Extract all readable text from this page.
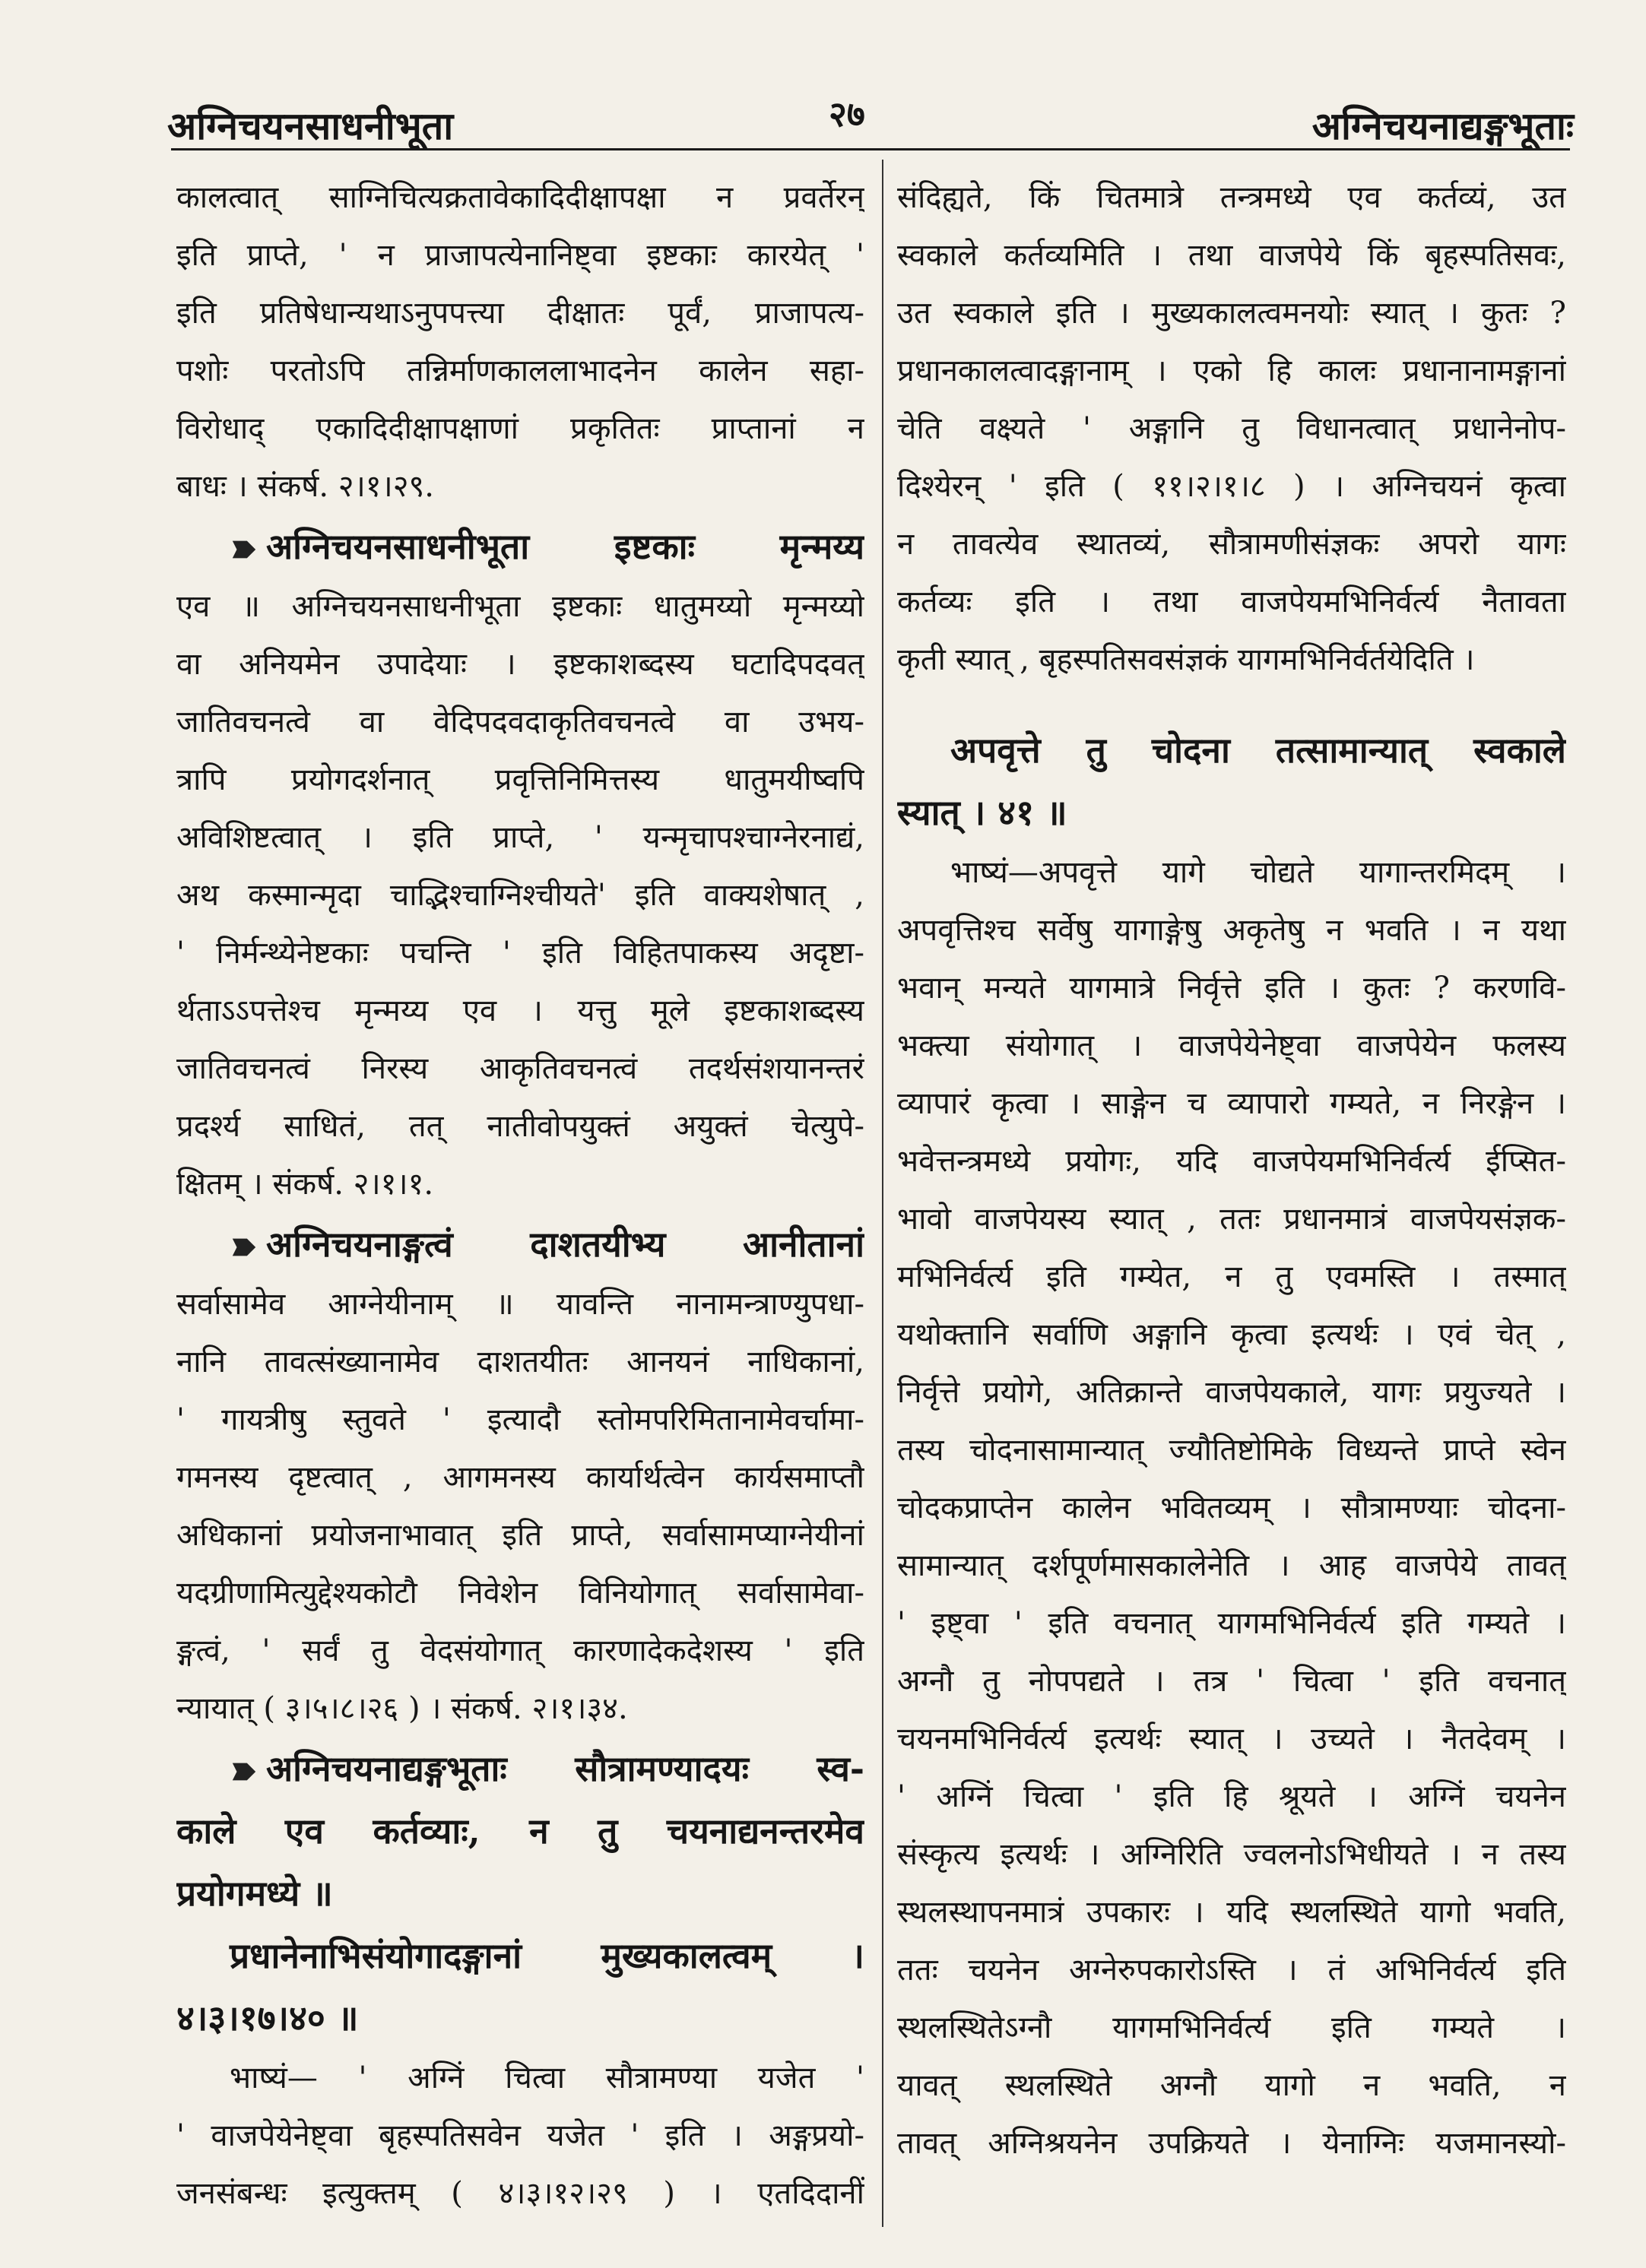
अग्निचयनसाधनीभूता	२७	अग्निचयनाद्यङ्गभूताः
कालत्वात् साग्निचित्यक्रतावेकादिदीक्षापक्षा न प्रवर्तेरन्
इति प्राप्ते, ' न प्राजापत्येनानिष्ट्वा इष्टकाः कारयेत् '
इति प्रतिषेधान्यथाऽनुपपत्त्या दीक्षातः पूर्वं, प्राजापत्य-
पशोः परतोऽपि तन्निर्माणकाललाभादनेन कालेन सहा-
विरोधाद् एकादिदीक्षापक्षाणां प्रकृतितः प्राप्तानां न
बाधः । संकर्ष. २।१।२९.
अग्निचयनसाधनीभूता इष्टकाः मृन्मय्य
एव ॥ अग्निचयनसाधनीभूता इष्टकाः धातुमय्यो मृन्मय्यो
वा अनियमेन उपादेयाः । इष्टकाशब्दस्य घटादिपदवत्
जातिवचनत्वे वा वेदिपदवदाकृतिवचनत्वे वा उभय-
त्रापि प्रयोगदर्शनात् प्रवृत्तिनिमित्तस्य धातुमयीष्वपि
अविशिष्टत्वात् । इति प्राप्ते, ' यन्मृचापश्चाग्नेरनाद्यं,
अथ कस्मान्मृदा चाद्भिश्चाग्निश्चीयते' इति वाक्यशेषात् ,
' निर्मन्थ्येनेष्टकाः पचन्ति ' इति विहितपाकस्य अदृष्टा-
र्थताऽऽपत्तेश्च मृन्मय्य एव । यत्तु मूले इष्टकाशब्दस्य
जातिवचनत्वं निरस्य आकृतिवचनत्वं तदर्थसंशयानन्तरं
प्रदर्श्य साधितं, तत् नातीवोपयुक्तं अयुक्तं चेत्युपे-
क्षितम् । संकर्ष. २।१।१.
अग्निचयनाङ्गत्वं दाशतयीभ्य आनीतानां
सर्वासामेव आग्नेयीनाम् ॥ यावन्ति नानामन्त्राण्युपधा-
नानि तावत्संख्यानामेव दाशतयीतः आनयनं नाधिकानां,
' गायत्रीषु स्तुवते ' इत्यादौ स्तोमपरिमितानामेवर्चामा-
गमनस्य दृष्टत्वात् , आगमनस्य कार्यार्थत्वेन कार्यसमाप्तौ
अधिकानां प्रयोजनाभावात् इति प्राप्ते, सर्वासामप्याग्नेयीनां
यदग्रीणामित्युद्देश्यकोटौ निवेशेन विनियोगात् सर्वासामेवा-
ङ्गत्वं, ' सर्वं तु वेदसंयोगात् कारणादेकदेशस्य ' इति
न्यायात् ( ३।५।८।२६ ) । संकर्ष. २।१।३४.
अग्निचयनाद्यङ्गभूताः सौत्रामण्यादयः स्व-
काले एव कर्तव्याः, न तु चयनाद्यनन्तरमेव
प्रयोगमध्ये ॥
प्रधानेनाभिसंयोगादङ्गानां मुख्यकालत्वम् ।
४।३।१७।४० ॥
भाष्यं— ' अग्निं चित्वा सौत्रामण्या यजेत '
' वाजपेयेनेष्ट्वा बृहस्पतिसवेन यजेत ' इति । अङ्गप्रयो-
जनसंबन्धः इत्युक्तम् ( ४।३।१२।२९ ) । एतदिदानीं
संदिह्यते, किं चितमात्रे तन्त्रमध्ये एव कर्तव्यं, उत
स्वकाले कर्तव्यमिति । तथा वाजपेये किं बृहस्पतिसवः,
उत स्वकाले इति । मुख्यकालत्वमनयोः स्यात् । कुतः ?
प्रधानकालत्वादङ्गानाम् । एको हि कालः प्रधानानामङ्गानां
चेति वक्ष्यते ' अङ्गानि तु विधानत्वात् प्रधानेनोप-
दिश्येरन् ' इति ( ११।२।१।८ ) । अग्निचयनं कृत्वा
न तावत्येव स्थातव्यं, सौत्रामणीसंज्ञकः अपरो यागः
कर्तव्यः इति । तथा वाजपेयमभिनिर्वर्त्य नैतावता
कृती स्यात् , बृहस्पतिसवसंज्ञकं यागमभिनिर्वर्तयेदिति ।
अपवृत्ते तु चोदना तत्सामान्यात् स्वकाले
स्यात् । ४१ ॥
भाष्यं—अपवृत्ते यागे चोद्यते यागान्तरमिदम् ।
अपवृत्तिश्च सर्वेषु यागाङ्गेषु अकृतेषु न भवति । न यथा
भवान् मन्यते यागमात्रे निर्वृत्ते इति । कुतः ? करणवि-
भक्त्या संयोगात् । वाजपेयेनेष्ट्वा वाजपेयेन फलस्य
व्यापारं कृत्वा । साङ्गेन च व्यापारो गम्यते, न निरङ्गेन ।
भवेत्तन्त्रमध्ये प्रयोगः, यदि वाजपेयमभिनिर्वर्त्य ईप्सित-
भावो वाजपेयस्य स्यात् , ततः प्रधानमात्रं वाजपेयसंज्ञक-
मभिनिर्वर्त्य इति गम्येत, न तु एवमस्ति । तस्मात्
यथोक्तानि सर्वाणि अङ्गानि कृत्वा इत्यर्थः । एवं चेत् ,
निर्वृत्ते प्रयोगे, अतिक्रान्ते वाजपेयकाले, यागः प्रयुज्यते ।
तस्य चोदनासामान्यात् ज्यौतिष्टोमिके विध्यन्ते प्राप्ते स्वेन
चोदकप्राप्तेन कालेन भवितव्यम् । सौत्रामण्याः चोदना-
सामान्यात् दर्शपूर्णमासकालेनेति । आह वाजपेये तावत्
' इष्ट्वा ' इति वचनात् यागमभिनिर्वर्त्य इति गम्यते ।
अग्नौ तु नोपपद्यते । तत्र ' चित्वा ' इति वचनात्
चयनमभिनिर्वर्त्य इत्यर्थः स्यात् । उच्यते । नैतदेवम् ।
' अग्निं चित्वा ' इति हि श्रूयते । अग्निं चयनेन
संस्कृत्य इत्यर्थः । अग्निरिति ज्वलनोऽभिधीयते । न तस्य
स्थलस्थापनमात्रं उपकारः । यदि स्थलस्थिते यागो भवति,
ततः चयनेन अग्नेरुपकारोऽस्ति । तं अभिनिर्वर्त्य इति
स्थलस्थितेऽग्नौ यागमभिनिर्वर्त्य इति गम्यते ।
यावत् स्थलस्थिते अग्नौ यागो न भवति, न
तावत् अग्निश्रयनेन उपक्रियते । येनाग्निः यजमानस्यो-
